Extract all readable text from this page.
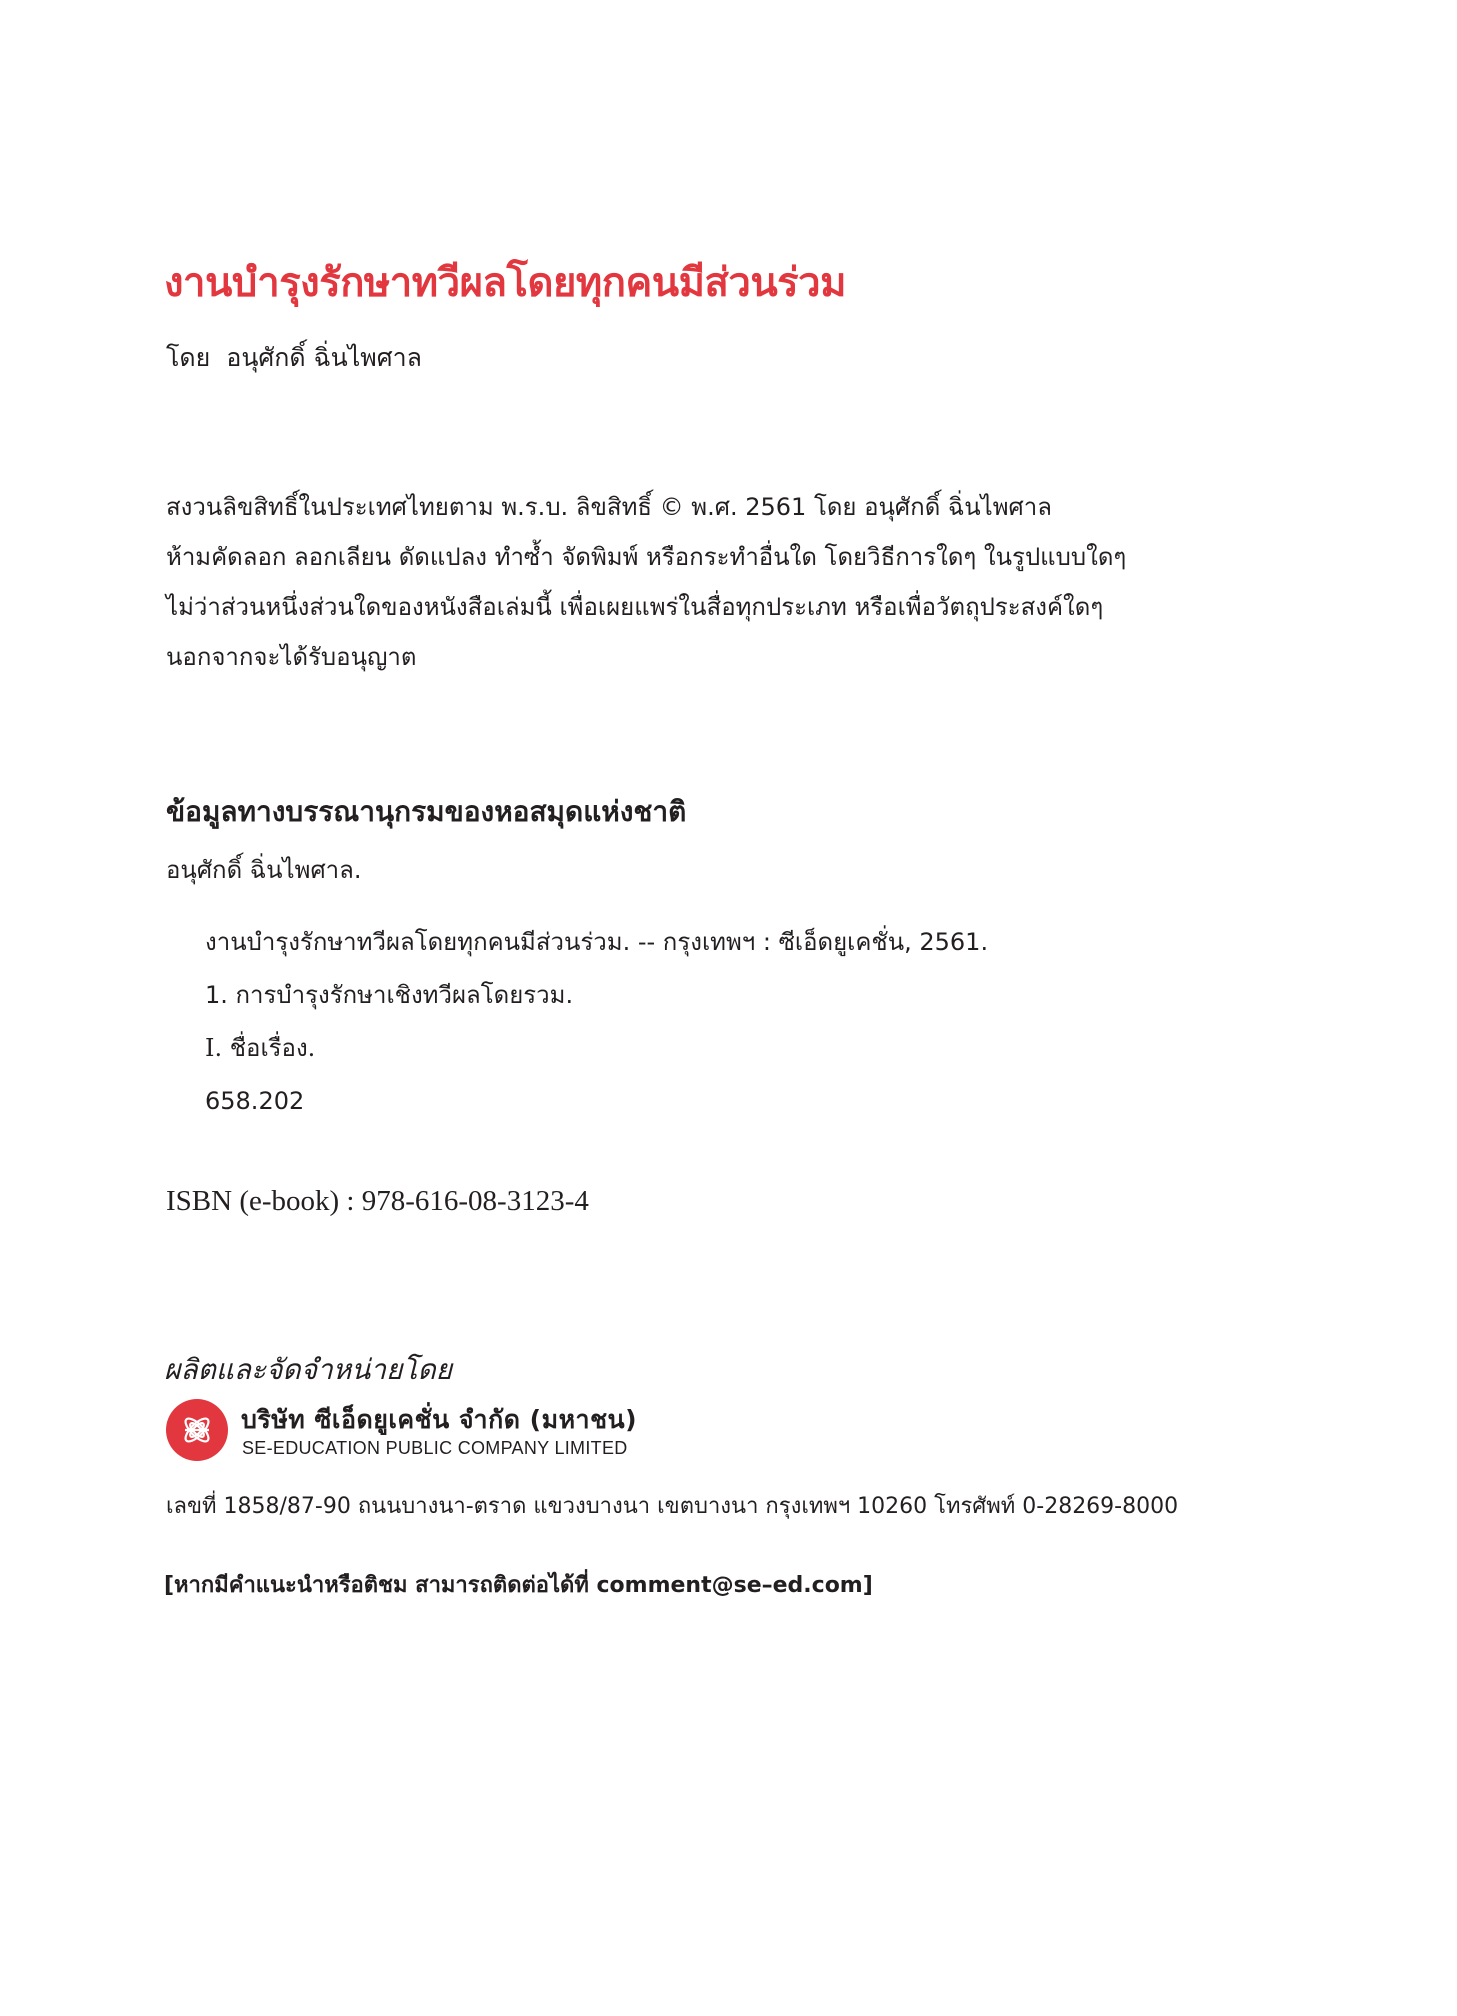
งานบำรุงรักษาทวีผลโดยทุกคนมีส่วนร่วม
โดย อนุศักดิ์ ฉิ่นไพศาล
สงวนลิขสิทธิ์ในประเทศไทยตาม พ.ร.บ. ลิขสิทธิ์ © พ.ศ. 2561 โดย อนุศักดิ์ ฉิ่นไพศาล
ห้ามคัดลอก ลอกเลียน ดัดแปลง ทำซ้ำ จัดพิมพ์ หรือกระทำอื่นใด โดยวิธีการใดๆ ในรูปแบบใดๆ
ไม่ว่าส่วนหนึ่งส่วนใดของหนังสือเล่มนี้ เพื่อเผยแพร่ในสื่อทุกประเภท หรือเพื่อวัตถุประสงค์ใดๆ
นอกจากจะได้รับอนุญาต
ข้อมูลทางบรรณานุกรมของหอสมุดแห่งชาติ
อนุศักดิ์ ฉิ่นไพศาล.
งานบำรุงรักษาทวีผลโดยทุกคนมีส่วนร่วม. -- กรุงเทพฯ : ซีเอ็ดยูเคชั่น, 2561.
1. การบำรุงรักษาเชิงทวีผลโดยรวม.
I. ชื่อเรื่อง.
658.202
ISBN (e-book) : 978-616-08-3123-4
ผลิตและจัดจำหน่ายโดย
บริษัท ซีเอ็ดยูเคชั่น จำกัด (มหาชน)
SE-EDUCATION PUBLIC COMPANY LIMITED
เลขที่ 1858/87-90 ถนนบางนา-ตราด แขวงบางนา เขตบางนา กรุงเทพฯ 10260 โทรศัพท์ 0-28269-8000
[หากมีคำแนะนำหรือติชม สามารถติดต่อได้ที่ comment@se–ed.com]
